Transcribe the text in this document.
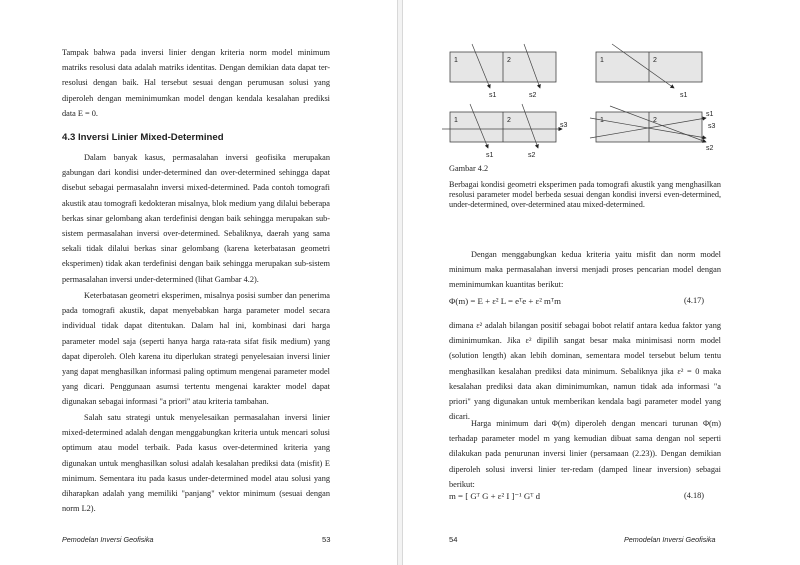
Tampak bahwa pada inversi linier dengan kriteria norm model minimum matriks resolusi data adalah matriks identitas. Dengan demikian data dapat ter-resolusi dengan baik. Hal tersebut sesuai dengan perumusan solusi yang diperoleh dengan meminimumkan model dengan kendala kesalahan prediksi data E = 0.

4.3 Inversi Linier Mixed-Determined

Dalam banyak kasus, permasalahan inversi geofisika merupakan gabungan dari kondisi under-determined dan over-determined sehingga dapat disebut sebagai permasalahn inversi mixed-determined. Pada contoh tomografi akustik atau tomografi kedokteran misalnya, blok medium yang dilalui beberapa berkas sinar gelombang akan terdefinisi dengan baik sehingga merupakan sub-sistem permasalahan inversi over-determined. Sebaliknya, daerah yang sama sekali tidak dilalui berkas sinar gelombang (karena keterbatasan geometri eksperimen) tidak akan terdefinisi dengan baik sehingga merupakan sub-sistem permasalahan inversi under-determined (lihat Gambar 4.2).

Keterbatasan geometri eksperimen, misalnya posisi sumber dan penerima pada tomografi akustik, dapat menyebabkan harga parameter model secara individual tidak dapat ditentukan. Dalam hal ini, kombinasi dari harga parameter model saja (seperti hanya harga rata-rata sifat fisik medium) yang dapat diperoleh. Oleh karena itu diperlukan strategi penyelesaian inversi linier yang dapat menghasilkan informasi paling optimum mengenai parameter model yang dicari. Penggunaan asumsi tertentu mengenai karakter model dapat digunakan sebagai informasi "a priori" atau kriteria tambahan.

Salah satu strategi untuk menyelesaikan permasalahan inversi linier mixed-determined adalah dengan menggabungkan kriteria untuk mencari solusi optimum atau model terbaik. Pada kasus over-determined kriteria yang digunakan untuk menghasilkan solusi adalah kesalahan prediksi data (misfit) E minimum. Sementara itu pada kasus under-determined model atau solusi yang diharapkan adalah yang memiliki "panjang" vektor minimum (sesuai dengan norm L2).

Pemodelan Inversi Geofisika	53
1	2
s1	s2
1	2
s1
1	2
s1	s2
s3
1	2
s1
s3
s2
Gambar 4.2

Berbagai kondisi geometri eksperimen pada tomografi akustik yang menghasilkan resolusi parameter model berbeda sesuai dengan kondisi inversi even-determined, under-determined, over-determined atau mixed-determined.

Dengan menggabungkan kedua kriteria yaitu misfit dan norm model minimum maka permasalahan inversi menjadi proses pencarian model dengan meminimumkan kuantitas berikut:

Φ(m) = E + ε² L = eᵀe + ε² mᵀm	(4.17)

dimana ε² adalah bilangan positif sebagai bobot relatif antara kedua faktor yang diminimumkan. Jika ε² dipilih sangat besar maka minimisasi norm model (solution length) akan lebih dominan, sementara model tersebut belum tentu menghasilkan kesalahan prediksi data minimum. Sebaliknya jika ε² = 0 maka kesalahan prediksi data akan diminimumkan, namun tidak ada informasi "a priori" yang digunakan untuk memberikan kendala bagi parameter model yang dicari.

Harga minimum dari Φ(m) diperoleh dengan mencari turunan Φ(m) terhadap parameter model m yang kemudian dibuat sama dengan nol seperti dilakukan pada penurunan inversi linier (persamaan (2.23)). Dengan demikian diperoleh solusi inversi linier ter-redam (damped linear inversion) sebagai berikut:

m = [ Gᵀ G + ε² I ]⁻¹ Gᵀ d	(4.18)
54	Pemodelan Inversi Geofisika
